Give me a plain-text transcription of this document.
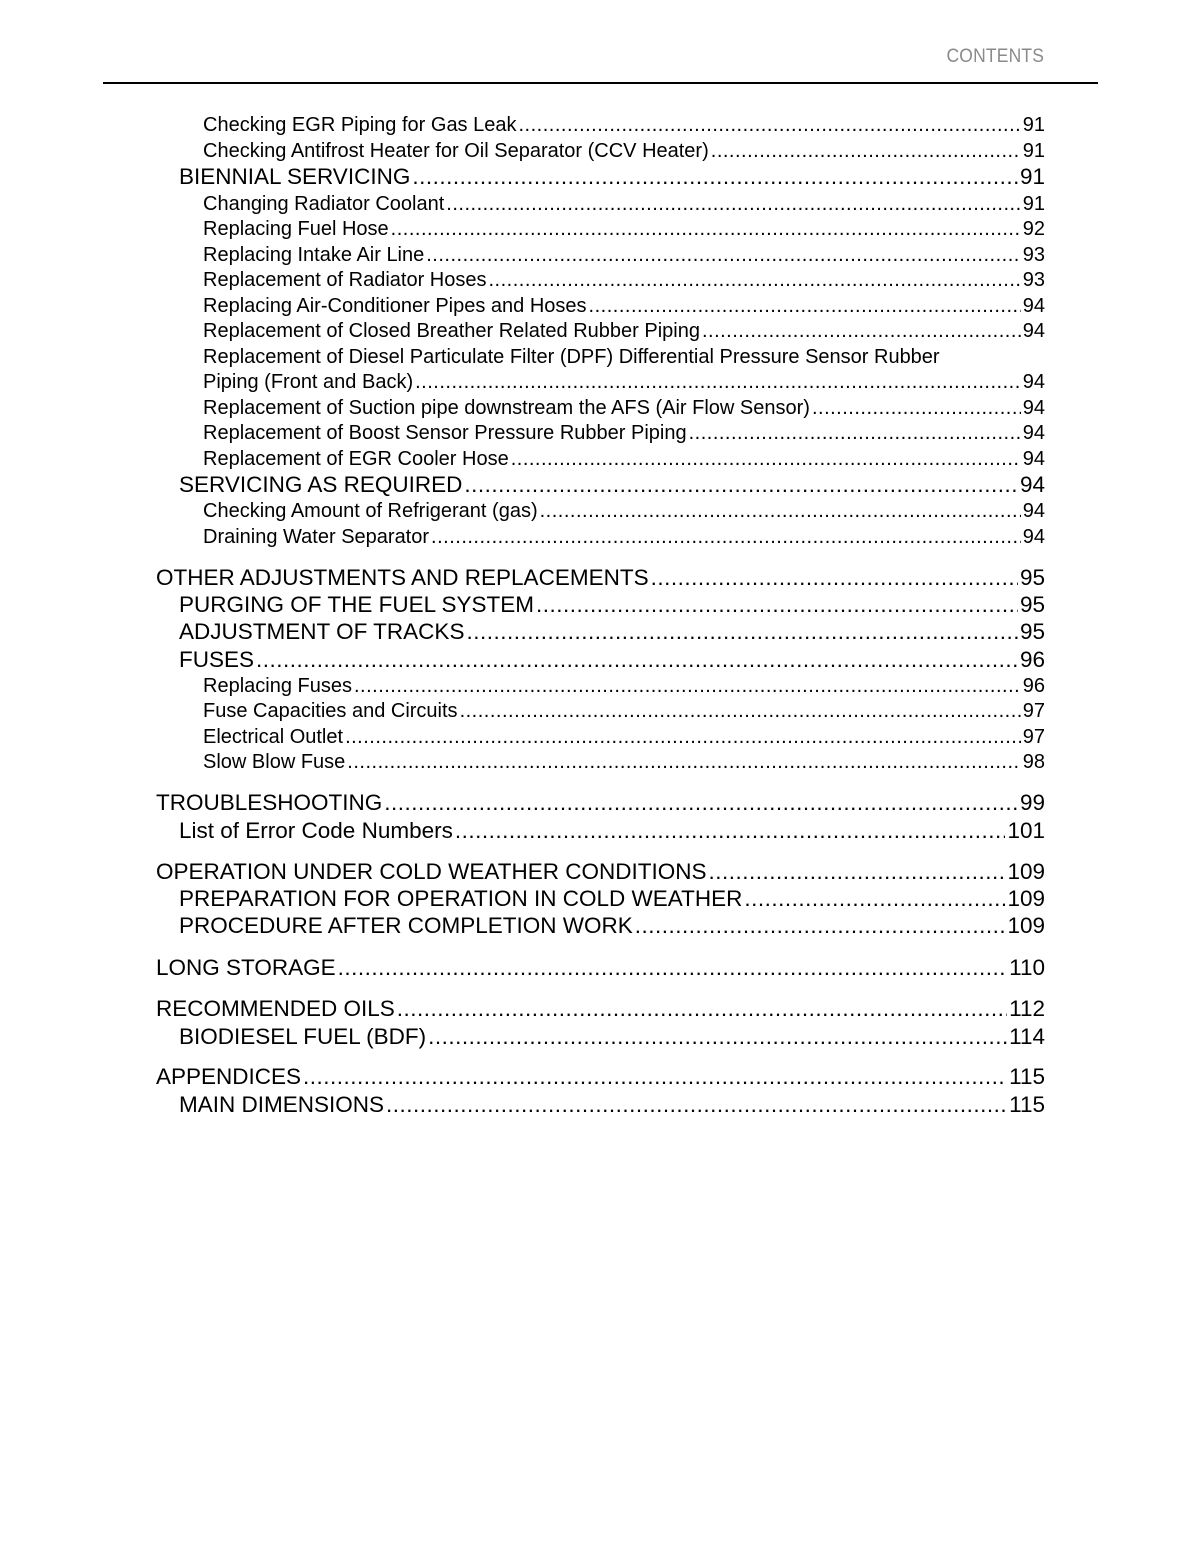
CONTENTS
Checking EGR Piping for Gas Leak .....	91
Checking Antifrost Heater for Oil Separator (CCV Heater) .....	91
BIENNIAL SERVICING .....	91
Changing Radiator Coolant .....	91
Replacing Fuel Hose .....	92
Replacing Intake Air Line .....	93
Replacement of Radiator Hoses .....	93
Replacing Air-Conditioner Pipes and Hoses .....	94
Replacement of Closed Breather Related Rubber Piping .....	94
Replacement of Diesel Particulate Filter (DPF) Differential Pressure Sensor Rubber
Piping (Front and Back) .....	94
Replacement of Suction pipe downstream the AFS (Air Flow Sensor) .....	94
Replacement of Boost Sensor Pressure Rubber Piping .....	94
Replacement of EGR Cooler Hose .....	94
SERVICING AS REQUIRED .....	94
Checking Amount of Refrigerant (gas) .....	94
Draining Water Separator .....	94
OTHER ADJUSTMENTS AND REPLACEMENTS .....	95
PURGING OF THE FUEL SYSTEM .....	95
ADJUSTMENT OF TRACKS .....	95
FUSES .....	96
Replacing Fuses .....	96
Fuse Capacities and Circuits .....	97
Electrical Outlet .....	97
Slow Blow Fuse .....	98
TROUBLESHOOTING .....	99
List of Error Code Numbers .....	101
OPERATION UNDER COLD WEATHER CONDITIONS .....	109
PREPARATION FOR OPERATION IN COLD WEATHER .....	109
PROCEDURE AFTER COMPLETION WORK .....	109
LONG STORAGE .....	110
RECOMMENDED OILS .....	112
BIODIESEL FUEL (BDF) .....	114
APPENDICES .....	115
MAIN DIMENSIONS .....	115
